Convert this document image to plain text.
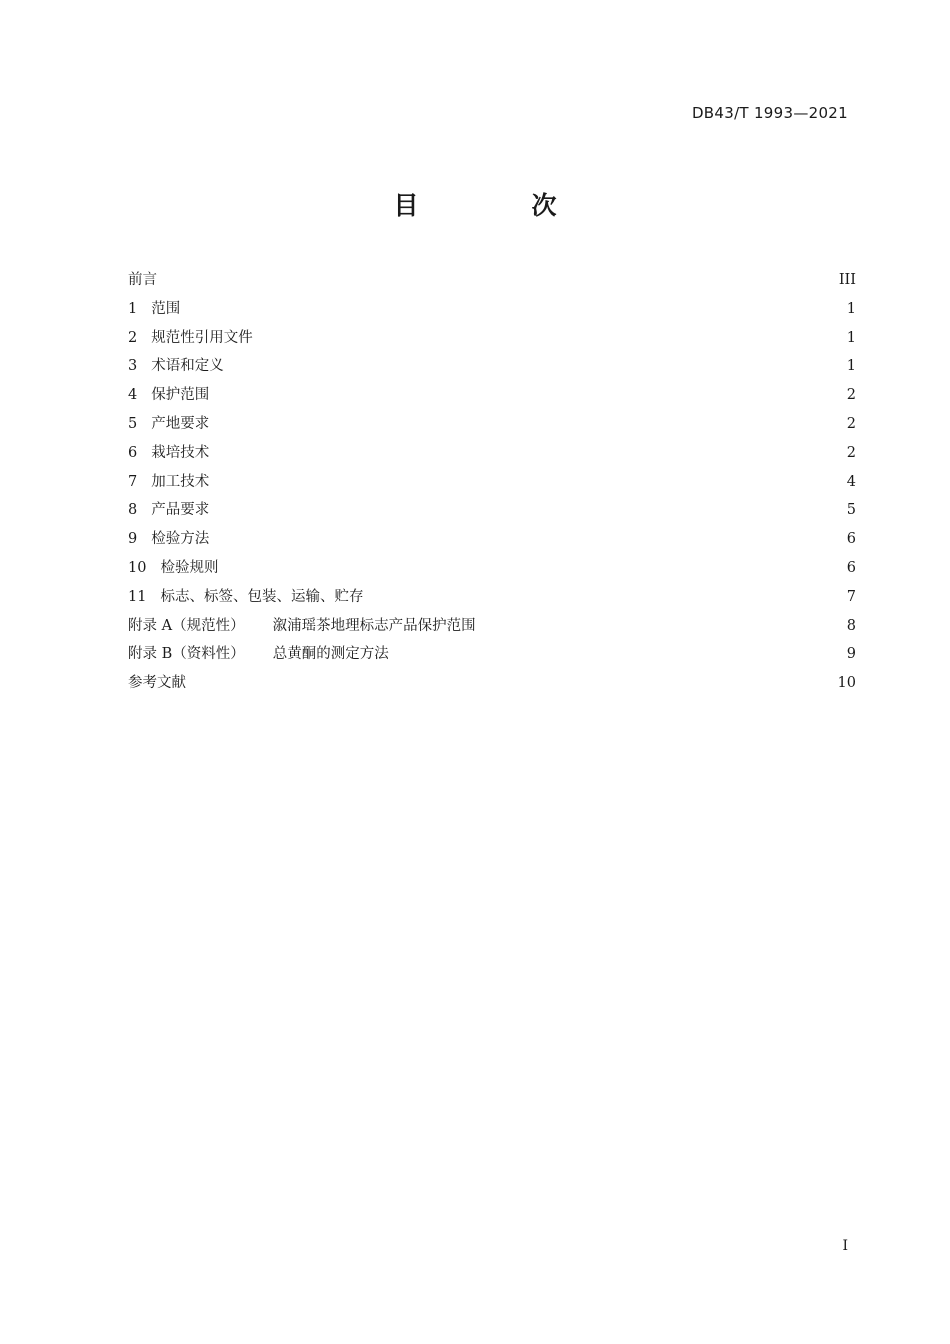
DB43/T 1993—2021
目　次
前言	III
1 范围	1
2 规范性引用文件	1
3 术语和定义	1
4 保护范围	2
5 产地要求	2
6 栽培技术	2
7 加工技术	4
8 产品要求	5
9 检验方法	6
10 检验规则	6
11 标志、标签、包装、运输、贮存	7
附录 A（规范性） 溆浦瑶茶地理标志产品保护范围	8
附录 B（资料性） 总黄酮的测定方法	9
参考文献	10
I
